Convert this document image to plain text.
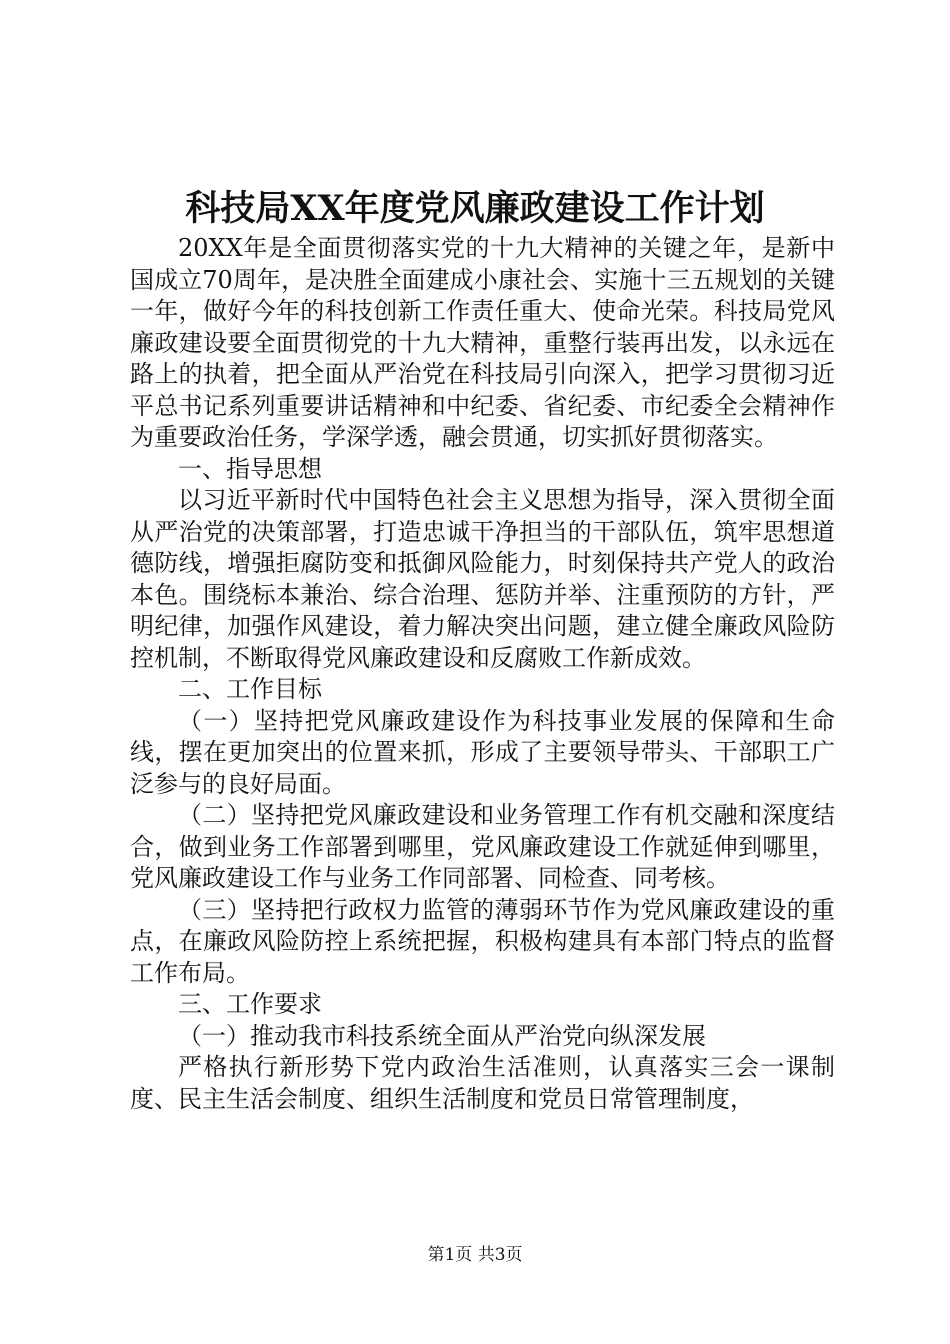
科技局XX年度党风廉政建设工作计划

20XX年是全面贯彻落实党的十九大精神的关键之年，是新中国成立70周年，是决胜全面建成小康社会、实施十三五规划的关键一年，做好今年的科技创新工作责任重大、使命光荣。科技局党风廉政建设要全面贯彻党的十九大精神，重整行装再出发，以永远在路上的执着，把全面从严治党在科技局引向深入，把学习贯彻习近平总书记系列重要讲话精神和中纪委、省纪委、市纪委全会精神作为重要政治任务，学深学透，融会贯通，切实抓好贯彻落实。

一、指导思想

以习近平新时代中国特色社会主义思想为指导，深入贯彻全面从严治党的决策部署，打造忠诚干净担当的干部队伍，筑牢思想道德防线，增强拒腐防变和抵御风险能力，时刻保持共产党人的政治本色。围绕标本兼治、综合治理、惩防并举、注重预防的方针，严明纪律，加强作风建设，着力解决突出问题，建立健全廉政风险防控机制，不断取得党风廉政建设和反腐败工作新成效。

二、工作目标

（一）坚持把党风廉政建设作为科技事业发展的保障和生命线，摆在更加突出的位置来抓，形成了主要领导带头、干部职工广泛参与的良好局面。

（二）坚持把党风廉政建设和业务管理工作有机交融和深度结合，做到业务工作部署到哪里，党风廉政建设工作就延伸到哪里，党风廉政建设工作与业务工作同部署、同检查、同考核。

（三）坚持把行政权力监管的薄弱环节作为党风廉政建设的重点，在廉政风险防控上系统把握，积极构建具有本部门特点的监督工作布局。

三、工作要求

（一）推动我市科技系统全面从严治党向纵深发展

严格执行新形势下党内政治生活准则，认真落实三会一课制度、民主生活会制度、组织生活制度和党员日常管理制度，

第1页 共3页
